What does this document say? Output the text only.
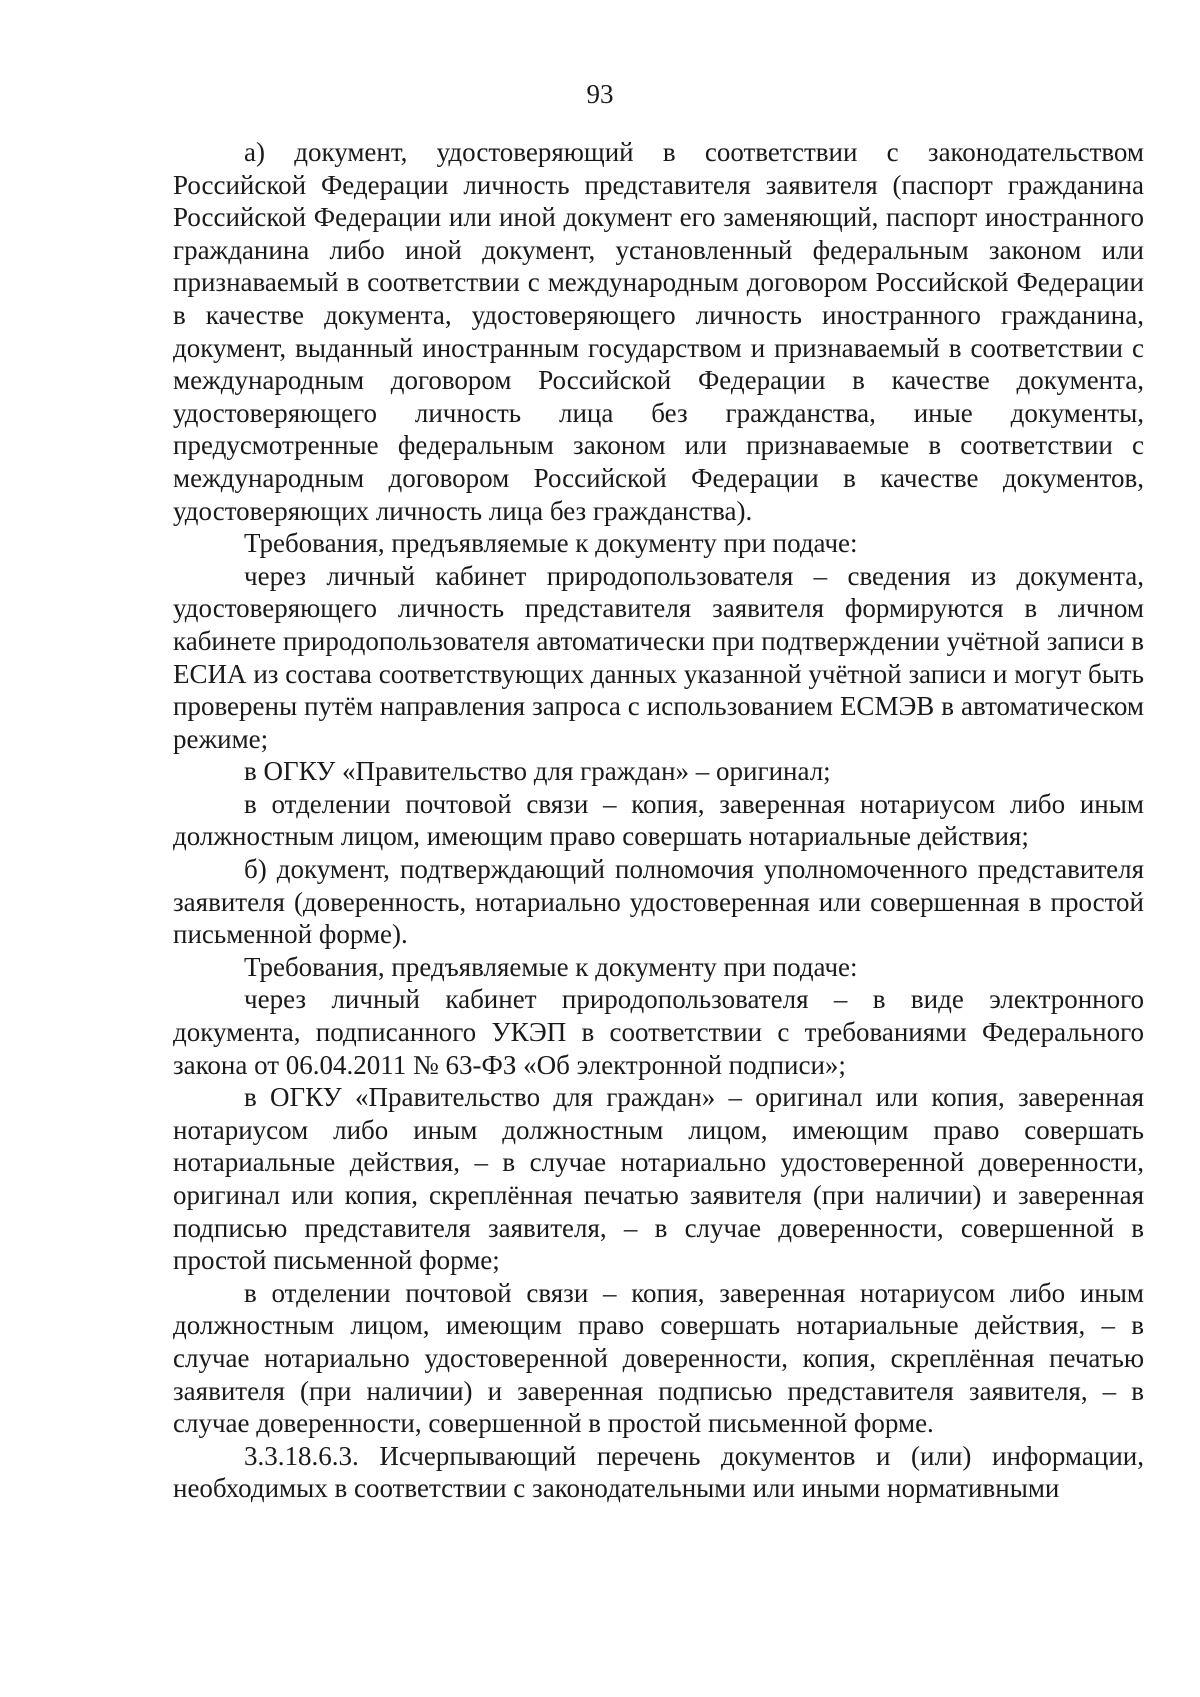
93

а) документ, удостоверяющий в соответствии с законодательством Российской Федерации личность представителя заявителя (паспорт гражданина Российской Федерации или иной документ его заменяющий, паспорт иностранного гражданина либо иной документ, установленный федеральным законом или признаваемый в соответствии с международным договором Российской Федерации в качестве документа, удостоверяющего личность иностранного гражданина, документ, выданный иностранным государством и признаваемый в соответствии с международным договором Российской Федерации в качестве документа, удостоверяющего личность лица без гражданства, иные документы, предусмотренные федеральным законом или признаваемые в соответствии с международным договором Российской Федерации в качестве документов, удостоверяющих личность лица без гражданства).

Требования, предъявляемые к документу при подаче:

через личный кабинет природопользователя – сведения из документа, удостоверяющего личность представителя заявителя формируются в личном кабинете природопользователя автоматически при подтверждении учётной записи в ЕСИА из состава соответствующих данных указанной учётной записи и могут быть проверены путём направления запроса с использованием ЕСМЭВ в автоматическом режиме;

в ОГКУ «Правительство для граждан» – оригинал;

в отделении почтовой связи – копия, заверенная нотариусом либо иным должностным лицом, имеющим право совершать нотариальные действия;

б) документ, подтверждающий полномочия уполномоченного представителя заявителя (доверенность, нотариально удостоверенная или совершенная в простой письменной форме).

Требования, предъявляемые к документу при подаче:

через личный кабинет природопользователя – в виде электронного документа, подписанного УКЭП в соответствии с требованиями Федерального закона от 06.04.2011 № 63-ФЗ «Об электронной подписи»;

в ОГКУ «Правительство для граждан» – оригинал или копия, заверенная нотариусом либо иным должностным лицом, имеющим право совершать нотариальные действия, – в случае нотариально удостоверенной доверенности, оригинал или копия, скреплённая печатью заявителя (при наличии) и заверенная подписью представителя заявителя, – в случае доверенности, совершенной в простой письменной форме;

в отделении почтовой связи – копия, заверенная нотариусом либо иным должностным лицом, имеющим право совершать нотариальные действия, – в случае нотариально удостоверенной доверенности, копия, скреплённая печатью заявителя (при наличии) и заверенная подписью представителя заявителя, – в случае доверенности, совершенной в простой письменной форме.

3.3.18.6.3. Исчерпывающий перечень документов и (или) информации, необходимых в соответствии с законодательными или иными нормативными
